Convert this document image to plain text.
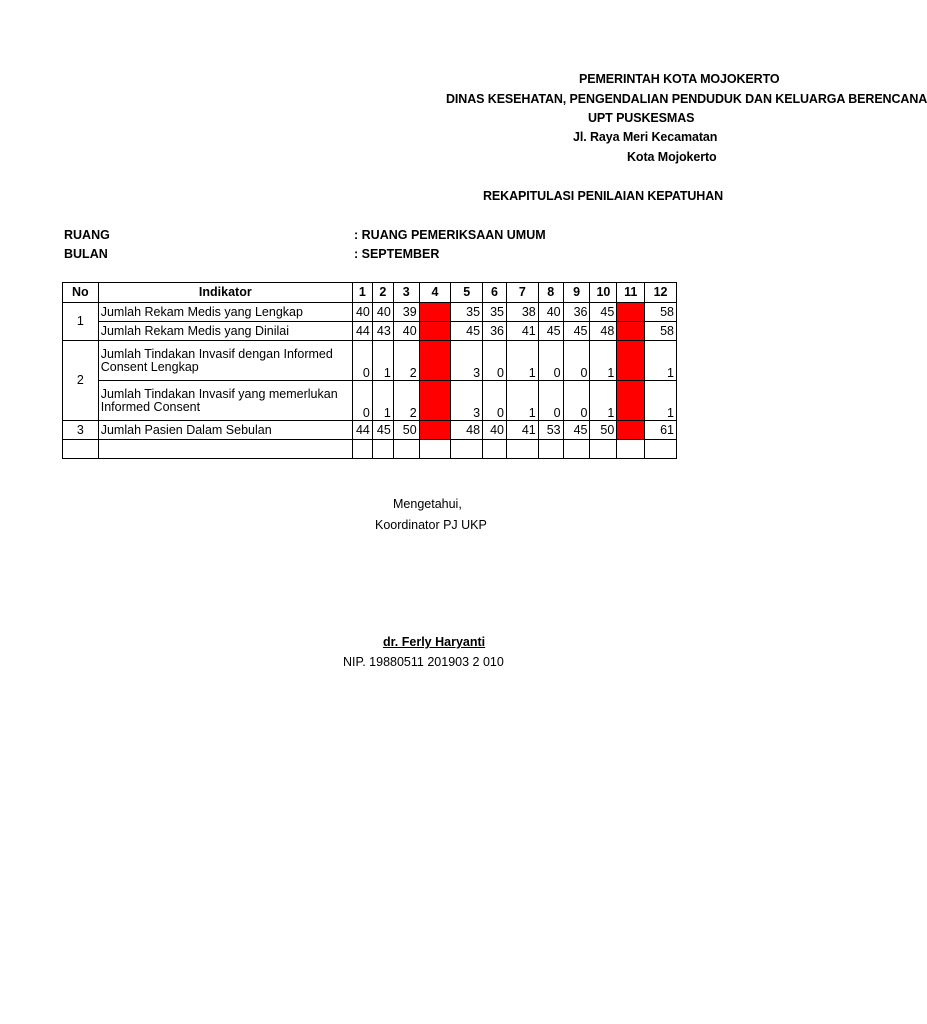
PEMERINTAH KOTA MOJOKERTO
DINAS KESEHATAN, PENGENDALIAN PENDUDUK DAN KELUARGA BERENCANA
UPT PUSKESMAS
Jl. Raya Meri Kecamatan
Kota Mojokerto
REKAPITULASI PENILAIAN KEPATUHAN
RUANG	: RUANG PEMERIKSAAN UMUM
BULAN	: SEPTEMBER
No	Indikator	1	2	3	4	5	6	7	8	9	10	11	12
1	Jumlah Rekam Medis yang Lengkap	40	40	39		35	35	38	40	36	45		58
	Jumlah Rekam Medis yang Dinilai	44	43	40		45	36	41	45	45	48		58
2	Jumlah Tindakan Invasif dengan Informed Consent Lengkap	0	1	2		3	0	1	0	0	1		1
	Jumlah Tindakan Invasif yang memerlukan Informed Consent	0	1	2		3	0	1	0	0	1		1
3	Jumlah Pasien Dalam Sebulan	44	45	50		48	40	41	53	45	50		61

Mengetahui,
Koordinator PJ UKP
dr. Ferly Haryanti
NIP. 19880511 201903 2 010
